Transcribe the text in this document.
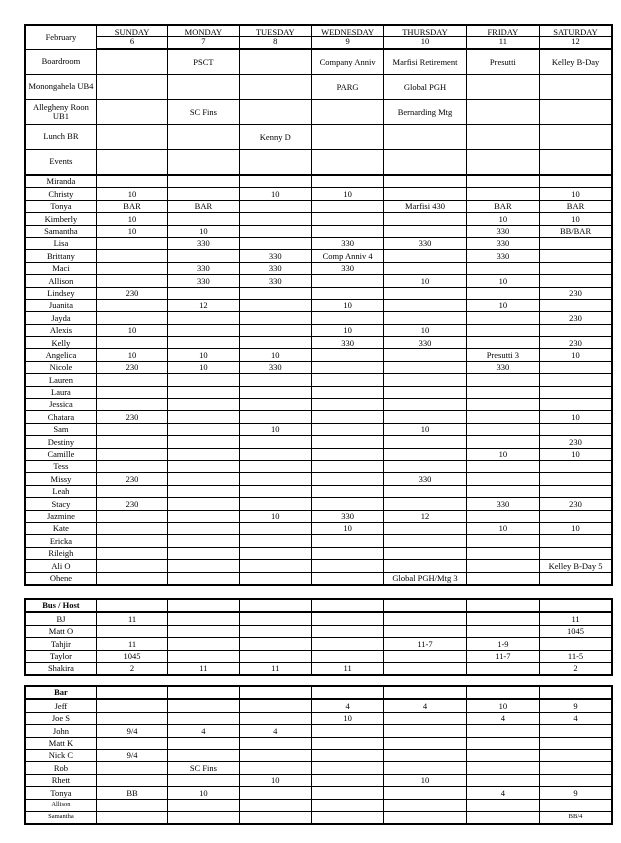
February	SUNDAY	MONDAY	TUESDAY	WEDNESDAY	THURSDAY	FRIDAY	SATURDAY
	6	7	8	9	10	11	12
Boardroom		PSCT		Company Anniv	Marfisi Retirement	Presutti	Kelley B-Day
Monongahela UB4				PARG	Global PGH		
Allegheny Roon UB1		SC Fins			Bernarding Mtg		
Lunch BR			Kenny D				
Events							
Miranda							
Christy	10		10	10			10
Tonya	BAR	BAR			Marfisi 430	BAR	BAR
Kimberly	10					10	10
Samantha	10	10				330	BB/BAR
Lisa		330		330	330	330	
Brittany			330	Comp Anniv 4		330	
Maci		330	330	330			
Allison		330	330		10	10	
Lindsey	230						230
Juanita		12		10		10	
Jayda							230
Alexis	10			10	10		
Kelly				330	330		230
Angelica	10	10	10			Presutti 3	10
Nicole	230	10	330			330	
Lauren							
Laura							
Jessica							
Chatara	230						10
Sam			10		10		
Destiny							230
Camille						10	10
Tess							
Missy	230				330		
Leah							
Stacy	230					330	230
Jazmine			10	330	12		
Kate				10		10	10
Ericka							
Rileigh							
Ali O							Kelley B-Day 5
Ohene					Global PGH/Mtg 3		
Bus / Host							
BJ	11						11
Matt O							1045
Tahjir	11				11-7	1-9	
Taylor	1045					11-7	11-5
Shakira	2	11	11	11			2
Bar							
Jeff				4	4	10	9
Joe S				10		4	4
John	9/4	4	4				
Matt K							
Nick C	9/4						
Rob		SC Fins					
Rhett			10		10		
Tonya	BB	10				4	9
Allison							
Samantha							BB/4
